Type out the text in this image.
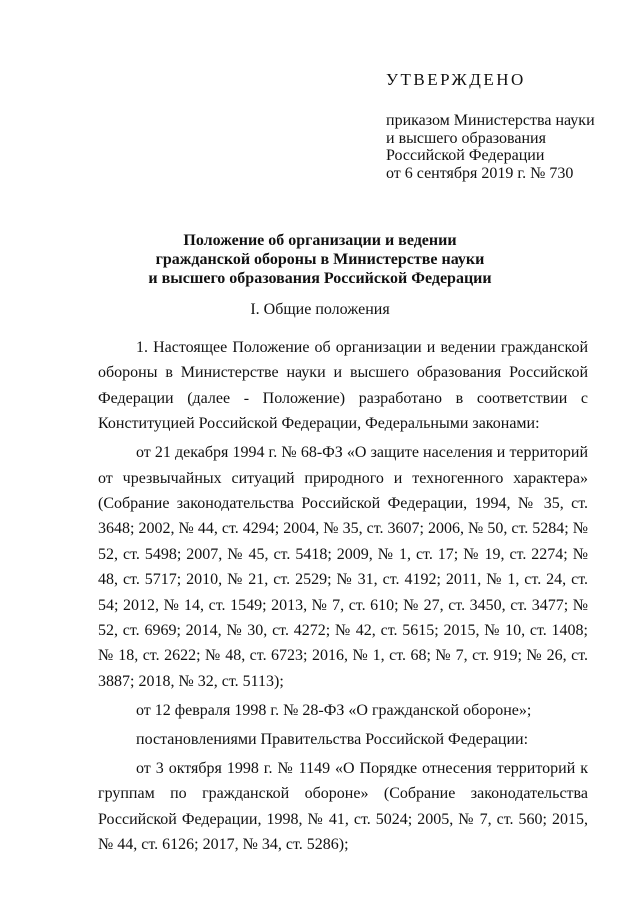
УТВЕРЖДЕНО
приказом Министерства науки
и высшего образования
Российской Федерации
от 6 сентября 2019 г. № 730
Положение об организации и ведении
гражданской обороны в Министерстве науки
и высшего образования Российской Федерации
I. Общие положения

1. Настоящее Положение об организации и ведении гражданской обороны в Министерстве науки и высшего образования Российской Федерации (далее - Положение) разработано в соответствии с Конституцией Российской Федерации, Федеральными законами:

от 21 декабря 1994 г. № 68-ФЗ «О защите населения и территорий от чрезвычайных ситуаций природного и техногенного характера» (Собрание законодательства Российской Федерации, 1994, № 35, ст. 3648; 2002, № 44, ст. 4294; 2004, № 35, ст. 3607; 2006, № 50, ст. 5284; № 52, ст. 5498; 2007, № 45, ст. 5418; 2009, № 1, ст. 17; № 19, ст. 2274; № 48, ст. 5717; 2010, № 21, ст. 2529; № 31, ст. 4192; 2011, № 1, ст. 24, ст. 54; 2012, № 14, ст. 1549; 2013, № 7, ст. 610; № 27, ст. 3450, ст. 3477; № 52, ст. 6969; 2014, № 30, ст. 4272; № 42, ст. 5615; 2015, № 10, ст. 1408; № 18, ст. 2622; № 48, ст. 6723; 2016, № 1, ст. 68; № 7, ст. 919; № 26, ст. 3887; 2018, № 32, ст. 5113);

от 12 февраля 1998 г. № 28-ФЗ «О гражданской обороне»;

постановлениями Правительства Российской Федерации:

от 3 октября 1998 г. № 1149 «О Порядке отнесения территорий к группам по гражданской обороне» (Собрание законодательства Российской Федерации, 1998, № 41, ст. 5024; 2005, № 7, ст. 560; 2015, № 44, ст. 6126; 2017, № 34, ст. 5286);
